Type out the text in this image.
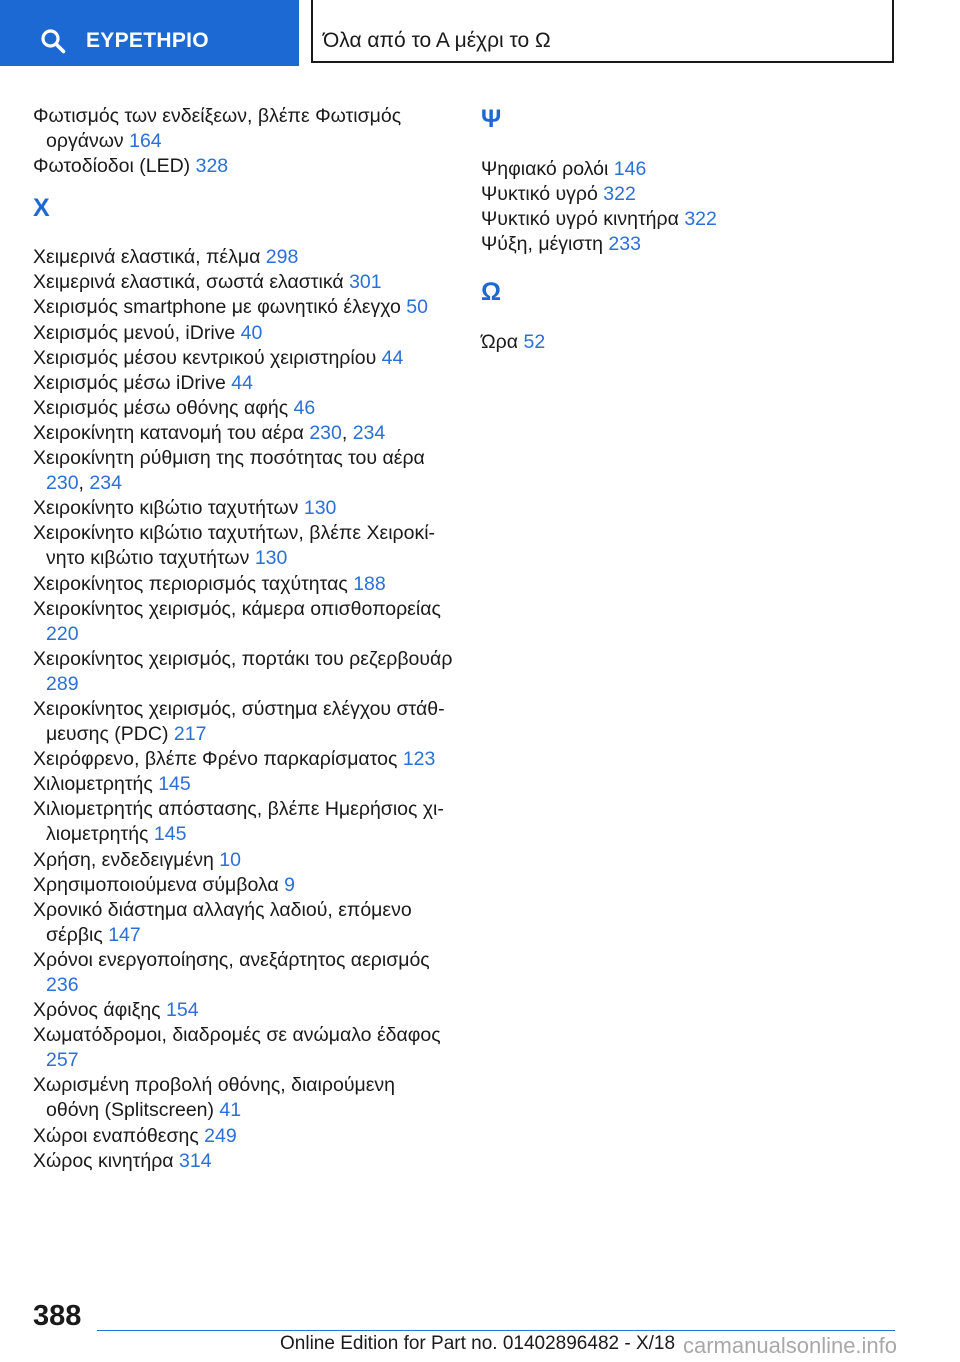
ΕΥΡΕΤΗΡΙΟ	Όλα από το Α μέχρι το Ω

Φωτισμός των ενδείξεων, βλέπε Φωτισμός οργάνων 164

Φωτοδίοδοι (LED) 328

Χ

Χειμερινά ελαστικά, πέλμα 298

Χειμερινά ελαστικά, σωστά ελαστικά 301

Χειρισμός smartphone με φωνητικό έλεγχο 50

Χειρισμός μενού, iDrive 40

Χειρισμός μέσου κεντρικού χειριστηρίου 44

Χειρισμός μέσω iDrive 44

Χειρισμός μέσω οθόνης αφής 46

Χειροκίνητη κατανομή του αέρα 230, 234

Χειροκίνητη ρύθμιση της ποσότητας του αέρα 230, 234

Χειροκίνητο κιβώτιο ταχυτήτων 130

Χειροκίνητο κιβώτιο ταχυτήτων, βλέπε Χειροκίνητο κιβώτιο ταχυτήτων 130

Χειροκίνητος περιορισμός ταχύτητας 188

Χειροκίνητος χειρισμός, κάμερα οπισθοπορείας 220

Χειροκίνητος χειρισμός, πορτάκι του ρεζερβουάρ 289

Χειροκίνητος χειρισμός, σύστημα ελέγχου στάθμευσης (PDC) 217

Χειρόφρενο, βλέπε Φρένο παρκαρίσματος 123

Χιλιομετρητής 145

Χιλιομετρητής απόστασης, βλέπε Ημερήσιος χιλιομετρητής 145

Χρήση, ενδεδειγμένη 10

Χρησιμοποιούμενα σύμβολα 9

Χρονικό διάστημα αλλαγής λαδιού, επόμενο σέρβις 147

Χρόνοι ενεργοποίησης, ανεξάρτητος αερισμός 236

Χρόνος άφιξης 154

Χωματόδρομοι, διαδρομές σε ανώμαλο έδαφος 257

Χωρισμένη προβολή οθόνης, διαιρούμενη οθόνη (Splitscreen) 41

Χώροι εναπόθεσης 249

Χώρος κινητήρα 314

Ψ

Ψηφιακό ρολόι 146

Ψυκτικό υγρό 322

Ψυκτικό υγρό κινητήρα 322

Ψύξη, μέγιστη 233

Ω

Ώρα 52

388
Online Edition for Part no. 01402896482 - X/18 carmanualsonline.info
